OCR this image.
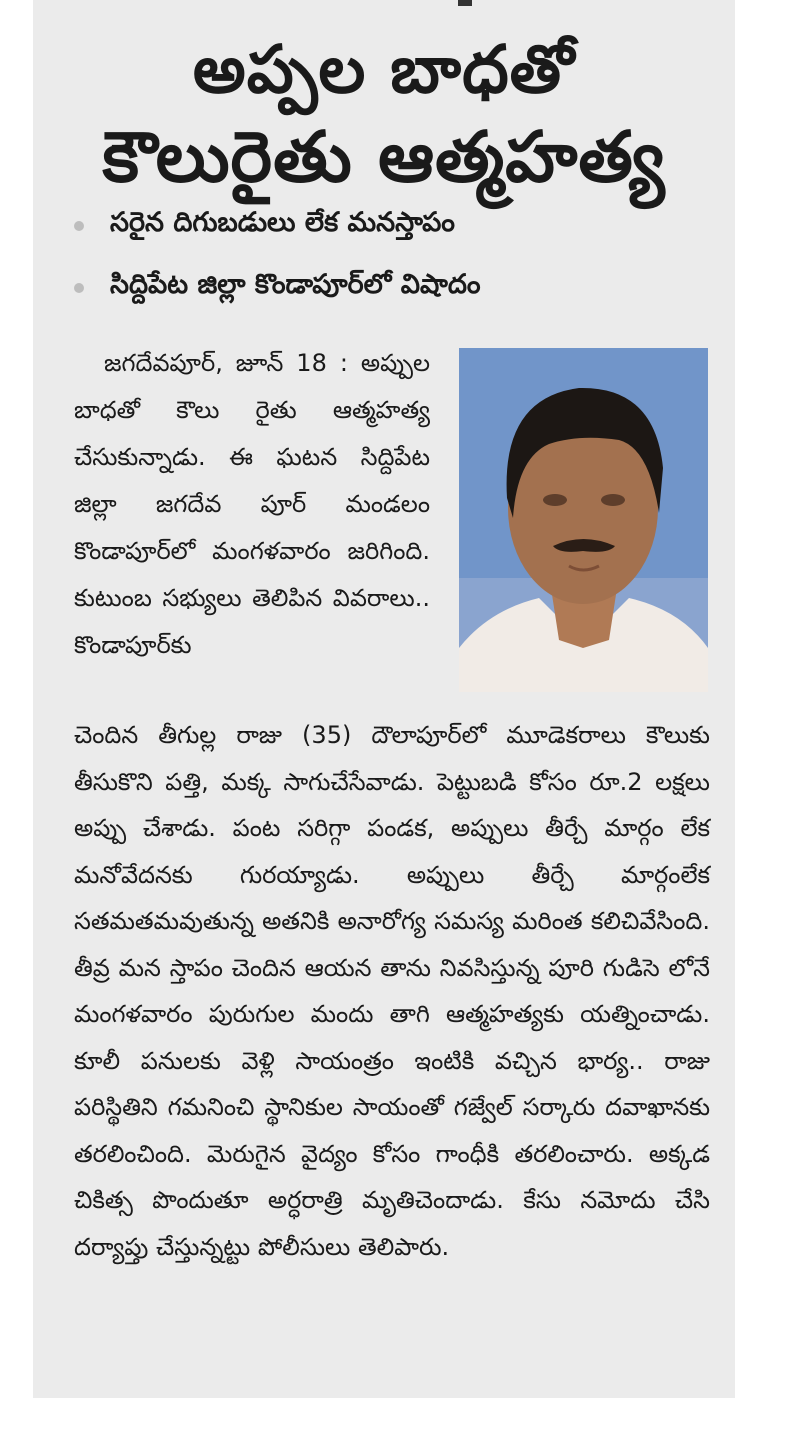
అప్పల బాధతో
కౌలురైతు ఆత్మహత్య
సరైన దిగుబడులు లేక మనస్తాపం
సిద్దిపేట జిల్లా కొండాపూర్‌లో విషాదం
జగదేవపూర్, జూన్ 18 : అప్పుల బాధతో కౌలు రైతు ఆత్మహత్య చేసుకున్నాడు. ఈ ఘటన సిద్దిపేట జిల్లా జగదేవ పూర్ మండలం కొండాపూర్‌లో మంగళవారం జరిగింది. కుటుంబ సభ్యులు తెలిపిన వివరాలు.. కొండాపూర్‌కు
చెందిన తీగుల్ల రాజు (35) దౌలాపూర్‌లో మూడెకరాలు కౌలుకు తీసుకొని పత్తి, మక్క సాగుచేసేవాడు. పెట్టుబడి కోసం రూ.2 లక్షలు అప్పు చేశాడు. పంట సరిగ్గా పండక, అప్పులు తీర్చే మార్గం లేక మనోవేదనకు గురయ్యాడు. అప్పులు తీర్చే మార్గంలేక సతమతమవుతున్న అతనికి అనారోగ్య సమస్య మరింత కలిచివేసింది. తీవ్ర మన స్తాపం చెందిన ఆయన తాను నివసిస్తున్న పూరి గుడిసె లోనే మంగళవారం పురుగుల మందు తాగి ఆత్మహత్యకు యత్నించాడు. కూలీ పనులకు వెళ్లి సాయంత్రం ఇంటికి వచ్చిన భార్య.. రాజు పరిస్థితిని గమనించి స్థానికుల సాయంతో గజ్వేల్ సర్కారు దవాఖానకు తరలించింది. మెరుగైన వైద్యం కోసం గాంధీకి తరలించారు. అక్కడ చికిత్స పొందుతూ అర్ధరాత్రి మృతిచెందాడు. కేసు నమోదు చేసి దర్యాప్తు చేస్తున్నట్టు పోలీసులు తెలిపారు.
